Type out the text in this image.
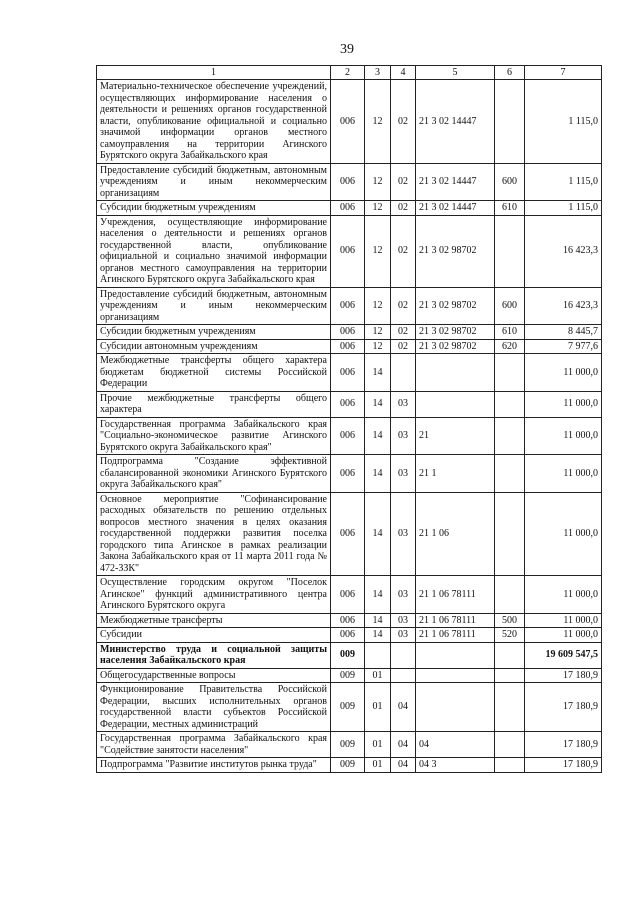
39
1	2	3	4	5	6	7
Материально-техническое обеспечение учреждений, осуществляющих информирование населения о деятельности и решениях органов государственной власти, опубликование официальной и социально значимой информации органов местного самоуправления на территории Агинского Бурятского округа Забайкальского края	006	12	02	21 3 02 14447		1 115,0
Предоставление субсидий бюджетным, автономным учреждениям и иным некоммерческим организациям	006	12	02	21 3 02 14447	600	1 115,0
Субсидии бюджетным учреждениям	006	12	02	21 3 02 14447	610	1 115,0
Учреждения, осуществляющие информирование населения о деятельности и решениях органов государственной власти, опубликование официальной и социально значимой информации органов местного самоуправления на территории Агинского Бурятского округа Забайкальского края	006	12	02	21 3 02 98702		16 423,3
Предоставление субсидий бюджетным, автономным учреждениям и иным некоммерческим организациям	006	12	02	21 3 02 98702	600	16 423,3
Субсидии бюджетным учреждениям	006	12	02	21 3 02 98702	610	8 445,7
Субсидии автономным учреждениям	006	12	02	21 3 02 98702	620	7 977,6
Межбюджетные трансферты общего характера бюджетам бюджетной системы Российской Федерации	006	14				11 000,0
Прочие межбюджетные трансферты общего характера	006	14	03			11 000,0
Государственная программа Забайкальского края "Социально-экономическое развитие Агинского Бурятского округа Забайкальского края"	006	14	03	21		11 000,0
Подпрограмма "Создание эффективной сбалансированной экономики Агинского Бурятского округа Забайкальского края"	006	14	03	21 1		11 000,0
Основное мероприятие "Софинансирование расходных обязательств по решению отдельных вопросов местного значения в целях оказания государственной поддержки развития поселка городского типа Агинское в рамках реализации Закона Забайкальского края от 11 марта 2011 года № 472-ЗЗК"	006	14	03	21 1 06		11 000,0
Осуществление городским округом "Поселок Агинское" функций административного центра Агинского Бурятского округа	006	14	03	21 1 06 78111		11 000,0
Межбюджетные трансферты	006	14	03	21 1 06 78111	500	11 000,0
Субсидии	006	14	03	21 1 06 78111	520	11 000,0
Министерство труда и социальной защиты населения Забайкальского края	009					19 609 547,5
Общегосударственные вопросы	009	01				17 180,9
Функционирование Правительства Российской Федерации, высших исполнительных органов государственной власти субъектов Российской Федерации, местных администраций	009	01	04			17 180,9
Государственная программа Забайкальского края "Содействие занятости населения"	009	01	04	04		17 180,9
Подпрограмма "Развитие институтов рынка труда"	009	01	04	04 3		17 180,9
